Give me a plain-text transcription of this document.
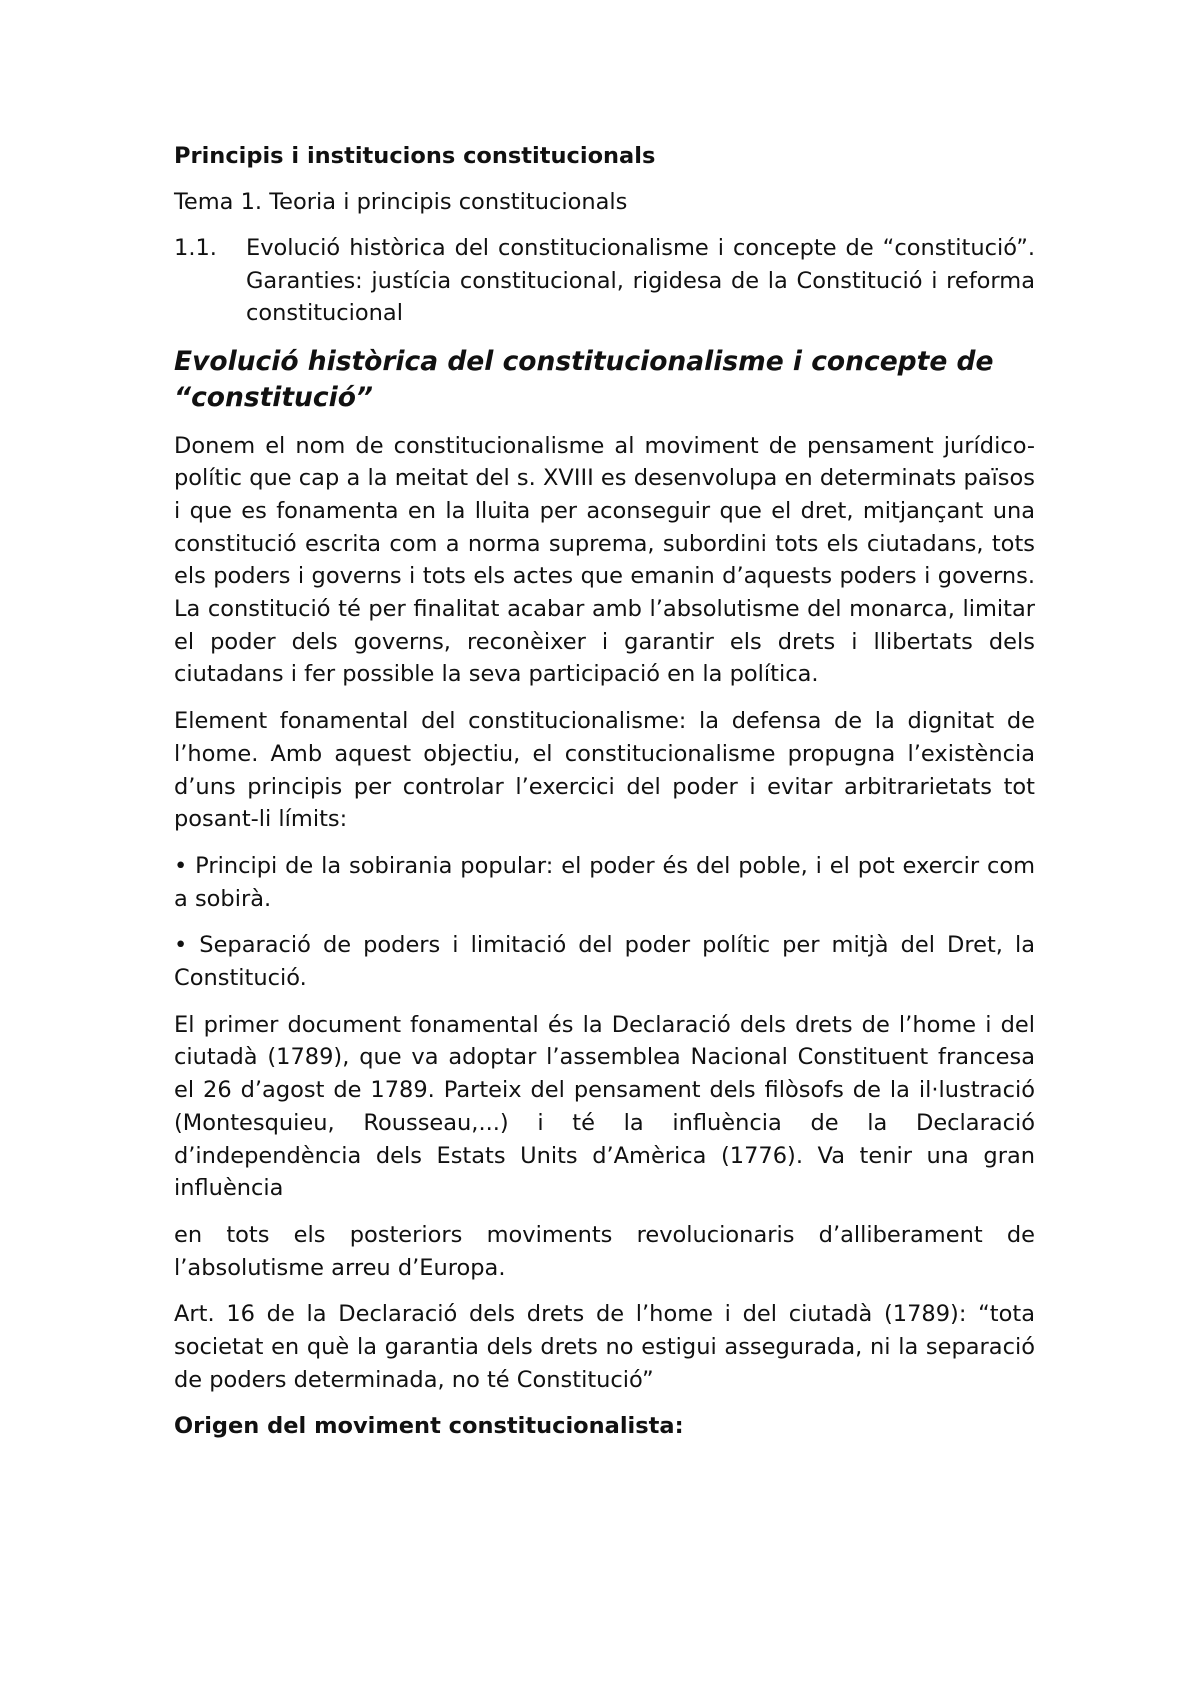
Principis i institucions constitucionals
Tema 1. Teoria i principis constitucionals
1.1.	Evolució històrica del constitucionalisme i concepte de “constitució”. Garanties: justícia constitucional, rigidesa de la Constitució i reforma constitucional
Evolució històrica del constitucionalisme i concepte de “constitució”

Donem el nom de constitucionalisme al moviment de pensament jurídico-polític que cap a la meitat del s. XVIII es desenvolupa en determinats països i que es fonamenta en la lluita per aconseguir que el dret, mitjançant una constitució escrita com a norma suprema, subordini tots els ciutadans, tots els poders i governs i tots els actes que emanin d’aquests poders i governs. La constitució té per finalitat acabar amb l’absolutisme del monarca, limitar el poder dels governs, reconèixer i garantir els drets i llibertats dels ciutadans i fer possible la seva participació en la política.

Element fonamental del constitucionalisme: la defensa de la dignitat de l’home. Amb aquest objectiu, el constitucionalisme propugna l’existència d’uns principis per controlar l’exercici del poder i evitar arbitrarietats tot posant-li límits:

• Principi de la sobirania popular: el poder és del poble, i el pot exercir com a sobirà.

• Separació de poders i limitació del poder polític per mitjà del Dret, la Constitució.

El primer document fonamental és la Declaració dels drets de l’home i del ciutadà (1789), que va adoptar l’assemblea Nacional Constituent francesa el 26 d’agost de 1789. Parteix del pensament dels filòsofs de la il·lustració (Montesquieu, Rousseau,...) i té la influència de la Declaració d’independència dels Estats Units d’Amèrica (1776). Va tenir una gran influència

en tots els posteriors moviments revolucionaris d’alliberament de l’absolutisme arreu d’Europa.

Art. 16 de la Declaració dels drets de l’home i del ciutadà (1789): “tota societat en què la garantia dels drets no estigui assegurada, ni la separació de poders determinada, no té Constitució”

Origen del moviment constitucionalista:
